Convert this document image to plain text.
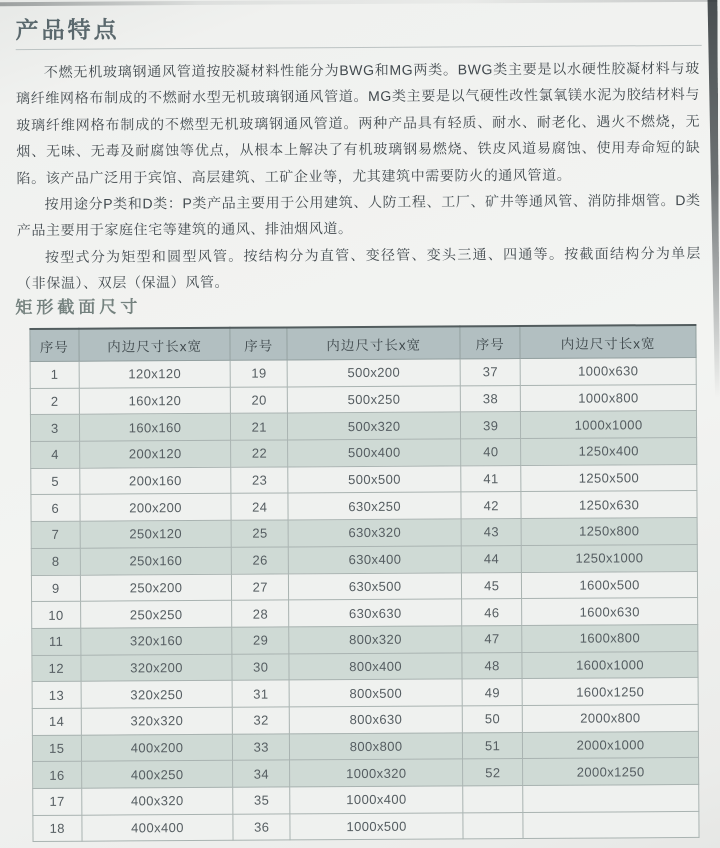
产品特点

不燃无机玻璃钢通风管道按胶凝材料性能分为BWG和MG两类。BWG类主要是以水硬性胶凝材料与玻璃纤维网格布制成的不燃耐水型无机玻璃钢通风管道。MG类主要是以气硬性改性氯氧镁水泥为胶结材料与玻璃纤维网格布制成的不燃型无机玻璃钢通风管道。两种产品具有轻质、耐水、耐老化、遇火不燃烧，无烟、无味、无毒及耐腐蚀等优点，从根本上解决了有机玻璃钢易燃烧、铁皮风道易腐蚀、使用寿命短的缺陷。该产品广泛用于宾馆、高层建筑、工矿企业等，尤其建筑中需要防火的通风管道。

按用途分P类和D类：P类产品主要用于公用建筑、人防工程、工厂、矿井等通风管、消防排烟管。D类产品主要用于家庭住宅等建筑的通风、排油烟风道。

按型式分为矩型和圆型风管。按结构分为直管、变径管、变头三通、四通等。按截面结构分为单层（非保温）、双层（保温）风管。

矩形截面尺寸
序号	内边尺寸长x宽	序号	内边尺寸长x宽	序号	内边尺寸长x宽
1	120x120	19	500x200	37	1000x630
2	160x120	20	500x250	38	1000x800
3	160x160	21	500x320	39	1000x1000
4	200x120	22	500x400	40	1250x400
5	200x160	23	500x500	41	1250x500
6	200x200	24	630x250	42	1250x630
7	250x120	25	630x320	43	1250x800
8	250x160	26	630x400	44	1250x1000
9	250x200	27	630x500	45	1600x500
10	250x250	28	630x630	46	1600x630
11	320x160	29	800x320	47	1600x800
12	320x200	30	800x400	48	1600x1000
13	320x250	31	800x500	49	1600x1250
14	320x320	32	800x630	50	2000x800
15	400x200	33	800x800	51	2000x1000
16	400x250	34	1000x320	52	2000x1250
17	400x320	35	1000x400		
18	400x400	36	1000x500		
